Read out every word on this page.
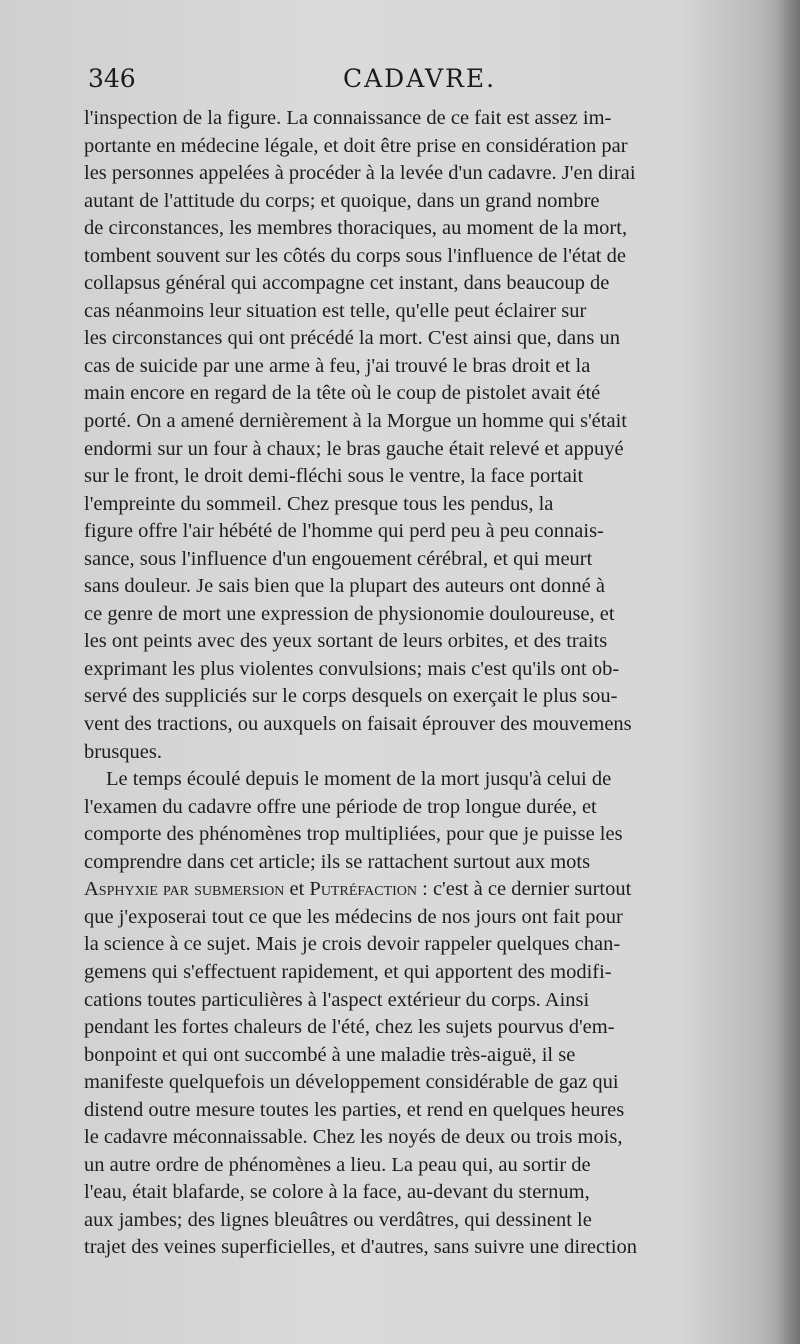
346	CADAVRE.
l'inspection de la figure. La connaissance de ce fait est assez im-
portante en médecine légale, et doit être prise en considération par
les personnes appelées à procéder à la levée d'un cadavre. J'en dirai
autant de l'attitude du corps; et quoique, dans un grand nombre
de circonstances, les membres thoraciques, au moment de la mort,
tombent souvent sur les côtés du corps sous l'influence de l'état de
collapsus général qui accompagne cet instant, dans beaucoup de
cas néanmoins leur situation est telle, qu'elle peut éclairer sur
les circonstances qui ont précédé la mort. C'est ainsi que, dans un
cas de suicide par une arme à feu, j'ai trouvé le bras droit et la
main encore en regard de la tête où le coup de pistolet avait été
porté. On a amené dernièrement à la Morgue un homme qui s'était
endormi sur un four à chaux; le bras gauche était relevé et appuyé
sur le front, le droit demi-fléchi sous le ventre, la face portait
l'empreinte du sommeil. Chez presque tous les pendus, la
figure offre l'air hébété de l'homme qui perd peu à peu connais-
sance, sous l'influence d'un engouement cérébral, et qui meurt
sans douleur. Je sais bien que la plupart des auteurs ont donné à
ce genre de mort une expression de physionomie douloureuse, et
les ont peints avec des yeux sortant de leurs orbites, et des traits
exprimant les plus violentes convulsions; mais c'est qu'ils ont ob-
servé des suppliciés sur le corps desquels on exerçait le plus sou-
vent des tractions, ou auxquels on faisait éprouver des mouvemens
brusques.
Le temps écoulé depuis le moment de la mort jusqu'à celui de
l'examen du cadavre offre une période de trop longue durée, et
comporte des phénomènes trop multipliées, pour que je puisse les
comprendre dans cet article; ils se rattachent surtout aux mots
Asphyxie par submersion et Putréfaction : c'est à ce dernier surtout
que j'exposerai tout ce que les médecins de nos jours ont fait pour
la science à ce sujet. Mais je crois devoir rappeler quelques chan-
gemens qui s'effectuent rapidement, et qui apportent des modifi-
cations toutes particulières à l'aspect extérieur du corps. Ainsi
pendant les fortes chaleurs de l'été, chez les sujets pourvus d'em-
bonpoint et qui ont succombé à une maladie très-aiguë, il se
manifeste quelquefois un développement considérable de gaz qui
distend outre mesure toutes les parties, et rend en quelques heures
le cadavre méconnaissable. Chez les noyés de deux ou trois mois,
un autre ordre de phénomènes a lieu. La peau qui, au sortir de
l'eau, était blafarde, se colore à la face, au-devant du sternum,
aux jambes; des lignes bleuâtres ou verdâtres, qui dessinent le
trajet des veines superficielles, et d'autres, sans suivre une direction
